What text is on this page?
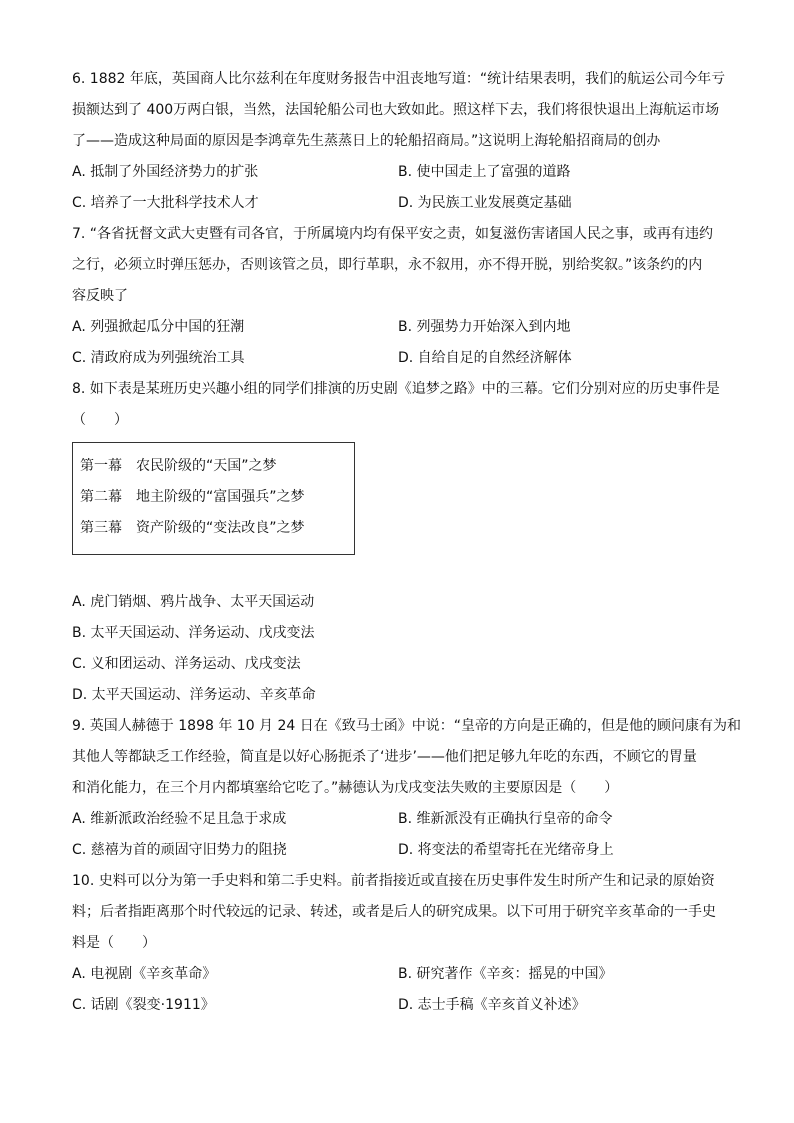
6. 1882 年底，英国商人比尔兹利在年度财务报告中沮丧地写道：“统计结果表明，我们的航运公司今年亏
损额达到了 400万两白银，当然，法国轮船公司也大致如此。照这样下去，我们将很快退出上海航运市场
了——造成这种局面的原因是李鸿章先生蒸蒸日上的轮船招商局。”这说明上海轮船招商局的创办

A. 抵制了外国经济势力的扩张	B. 使中国走上了富强的道路
C. 培养了一大批科学技术人才	D. 为民族工业发展奠定基础

7. “各省抚督文武大吏暨有司各官，于所属境内均有保平安之责，如复滋伤害诸国人民之事，或再有违约
之行，必须立时弹压惩办，否则该管之员，即行革职，永不叙用，亦不得开脱，别给奖叙。”该条约的内
容反映了

A. 列强掀起瓜分中国的狂潮	B. 列强势力开始深入到内地
C. 清政府成为列强统治工具	D. 自给自足的自然经济解体

8. 如下表是某班历史兴趣小组的同学们排演的历史剧《追梦之路》中的三幕。它们分别对应的历史事件是
（　　）

第一幕　农民阶级的“天国”之梦
第二幕　地主阶级的“富国强兵”之梦
第三幕　资产阶级的“变法改良”之梦
A. 虎门销烟、鸦片战争、太平天国运动
B. 太平天国运动、洋务运动、戊戌变法
C. 义和团运动、洋务运动、戊戌变法
D. 太平天国运动、洋务运动、辛亥革命

9. 英国人赫德于 1898 年 10 月 24 日在《致马士函》中说：“皇帝的方向是正确的，但是他的顾问康有为和
其他人等都缺乏工作经验，简直是以好心肠扼杀了‘进步’——他们把足够九年吃的东西，不顾它的胃量
和消化能力，在三个月内都填塞给它吃了。”赫德认为戊戌变法失败的主要原因是（　　）

A. 维新派政治经验不足且急于求成	B. 维新派没有正确执行皇帝的命令
C. 慈禧为首的顽固守旧势力的阻挠	D. 将变法的希望寄托在光绪帝身上

10. 史料可以分为第一手史料和第二手史料。前者指接近或直接在历史事件发生时所产生和记录的原始资
料；后者指距离那个时代较远的记录、转述，或者是后人的研究成果。以下可用于研究辛亥革命的一手史
料是（　　）

A. 电视剧《辛亥革命》	B. 研究著作《辛亥：摇晃的中国》
C. 话剧《裂变·1911》	D. 志士手稿《辛亥首义补述》
